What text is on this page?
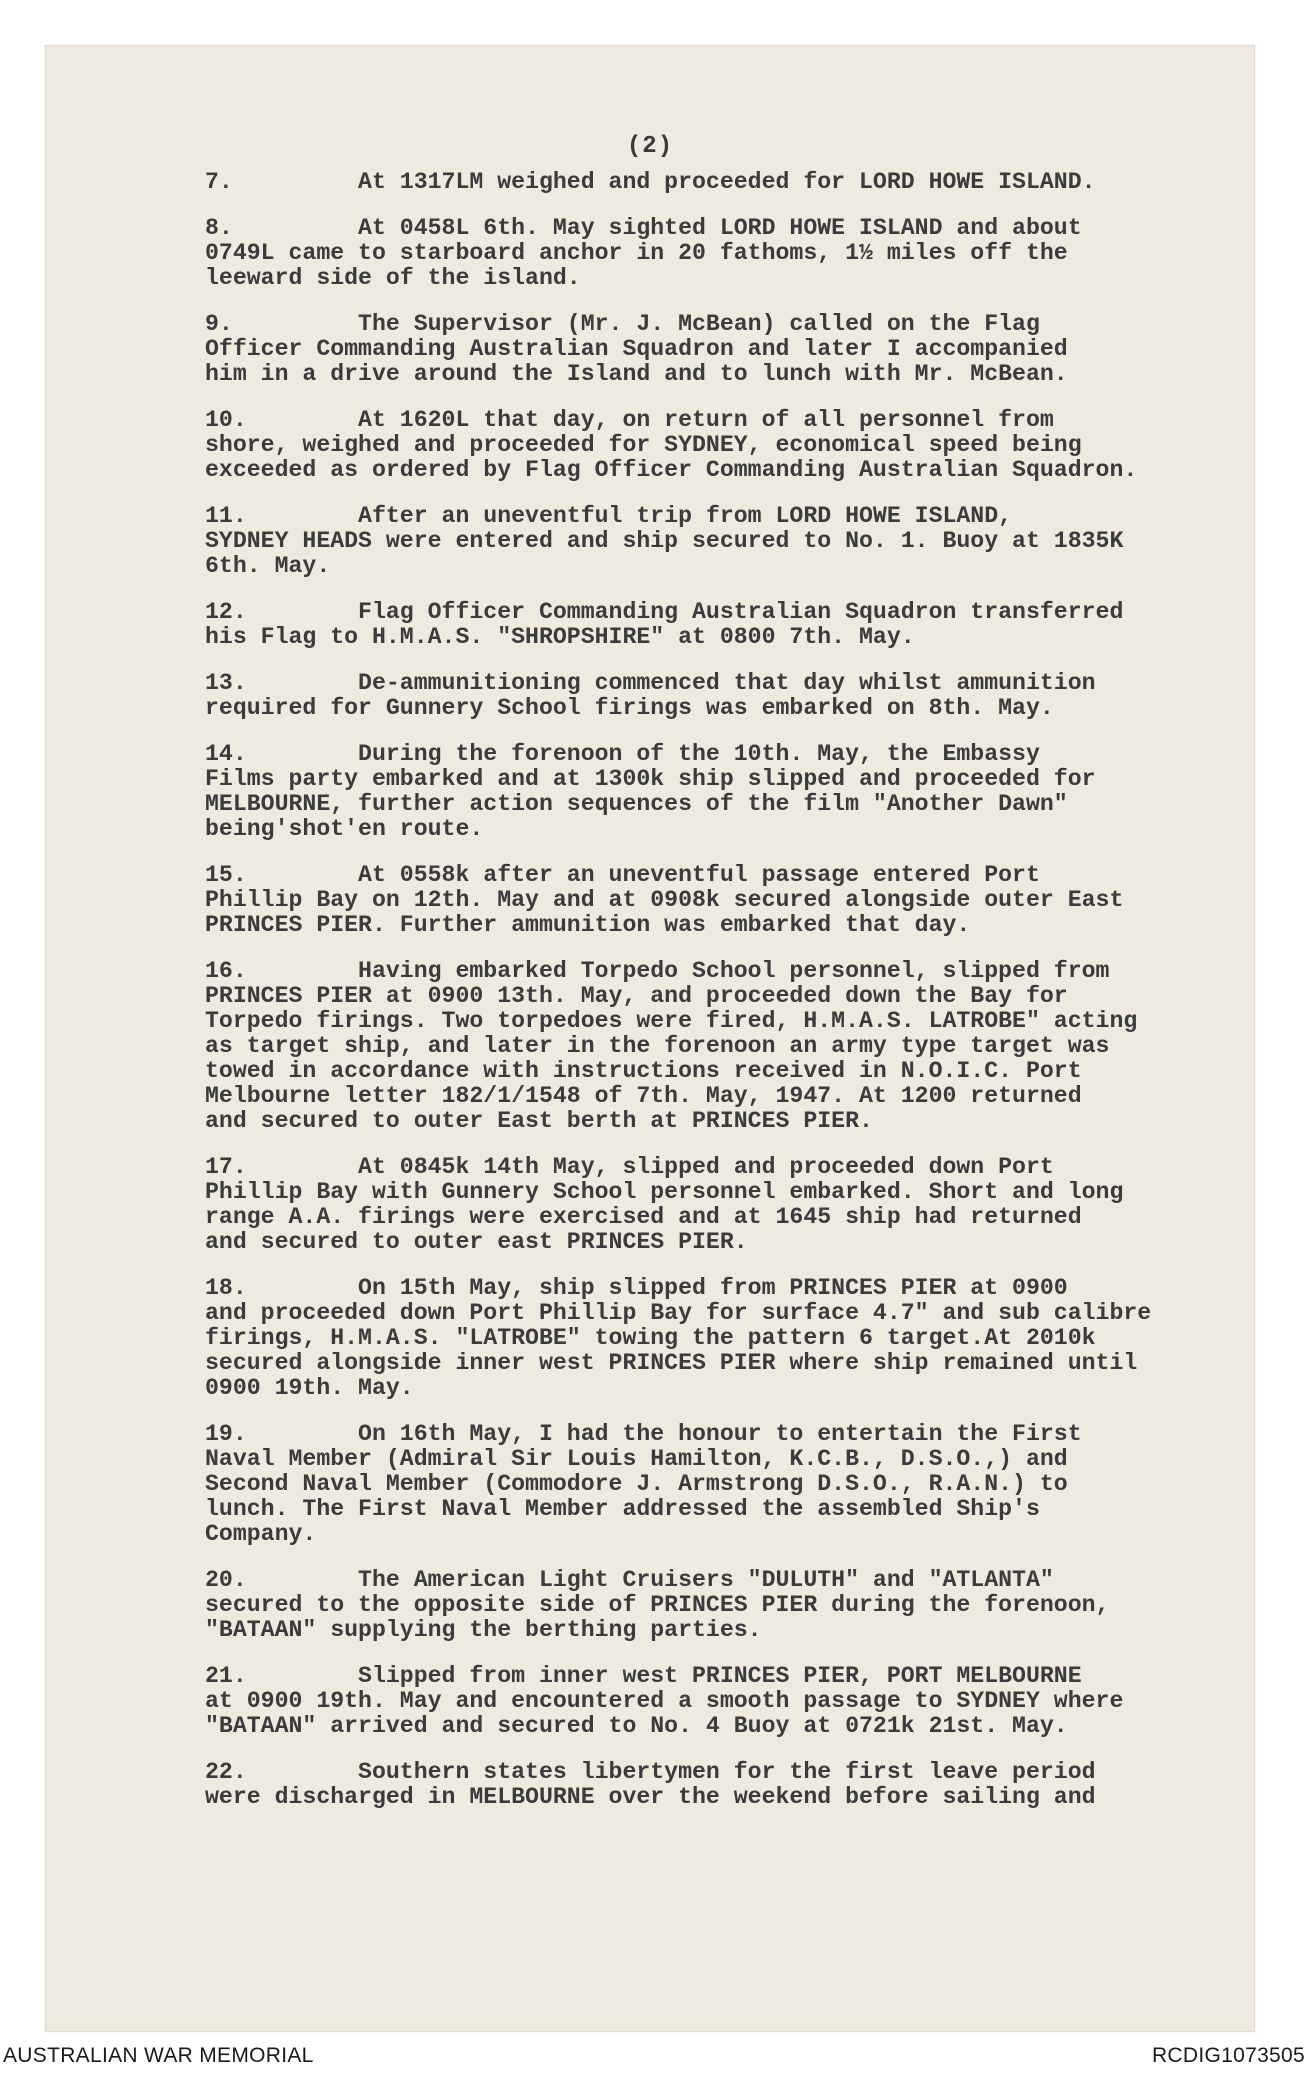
(2)
7.         At 1317LM weighed and proceeded for LORD HOWE ISLAND.
8.         At 0458L 6th. May sighted LORD HOWE ISLAND and about
0749L came to starboard anchor in 20 fathoms, 1½ miles off the
leeward side of the island.
9.         The Supervisor (Mr. J. McBean) called on the Flag
Officer Commanding Australian Squadron and later I accompanied
him in a drive around the Island and to lunch with Mr. McBean.
10.        At 1620L that day, on return of all personnel from
shore, weighed and proceeded for SYDNEY, economical speed being
exceeded as ordered by Flag Officer Commanding Australian Squadron.
11.        After an uneventful trip from LORD HOWE ISLAND,
SYDNEY HEADS were entered and ship secured to No. 1. Buoy at 1835K
6th. May.
12.        Flag Officer Commanding Australian Squadron transferred
his Flag to H.M.A.S. "SHROPSHIRE" at 0800 7th. May.
13.        De-ammunitioning commenced that day whilst ammunition
required for Gunnery School firings was embarked on 8th. May.
14.        During the forenoon of the 10th. May, the Embassy
Films party embarked and at 1300k ship slipped and proceeded for
MELBOURNE, further action sequences of the film "Another Dawn"
being'shot'en route.
15.        At 0558k after an uneventful passage entered Port
Phillip Bay on 12th. May and at 0908k secured alongside outer East
PRINCES PIER. Further ammunition was embarked that day.
16.        Having embarked Torpedo School personnel, slipped from
PRINCES PIER at 0900 13th. May, and proceeded down the Bay for
Torpedo firings. Two torpedoes were fired, H.M.A.S. LATROBE" acting
as target ship, and later in the forenoon an army type target was
towed in accordance with instructions received in N.O.I.C. Port
Melbourne letter 182/1/1548 of 7th. May, 1947. At 1200 returned
and secured to outer East berth at PRINCES PIER.
17.        At 0845k 14th May, slipped and proceeded down Port
Phillip Bay with Gunnery School personnel embarked. Short and long
range A.A. firings were exercised and at 1645 ship had returned
and secured to outer east PRINCES PIER.
18.        On 15th May, ship slipped from PRINCES PIER at 0900
and proceeded down Port Phillip Bay for surface 4.7" and sub calibre
firings, H.M.A.S. "LATROBE" towing the pattern 6 target.At 2010k
secured alongside inner west PRINCES PIER where ship remained until
0900 19th. May.
19.        On 16th May, I had the honour to entertain the First
Naval Member (Admiral Sir Louis Hamilton, K.C.B., D.S.O.,) and
Second Naval Member (Commodore J. Armstrong D.S.O., R.A.N.) to
lunch. The First Naval Member addressed the assembled Ship's
Company.
20.        The American Light Cruisers "DULUTH" and "ATLANTA"
secured to the opposite side of PRINCES PIER during the forenoon,
"BATAAN" supplying the berthing parties.
21.        Slipped from inner west PRINCES PIER, PORT MELBOURNE
at 0900 19th. May and encountered a smooth passage to SYDNEY where
"BATAAN" arrived and secured to No. 4 Buoy at 0721k 21st. May.
22.        Southern states libertymen for the first leave period
were discharged in MELBOURNE over the weekend before sailing and
AUSTRALIAN WAR MEMORIAL	RCDIG1073505
